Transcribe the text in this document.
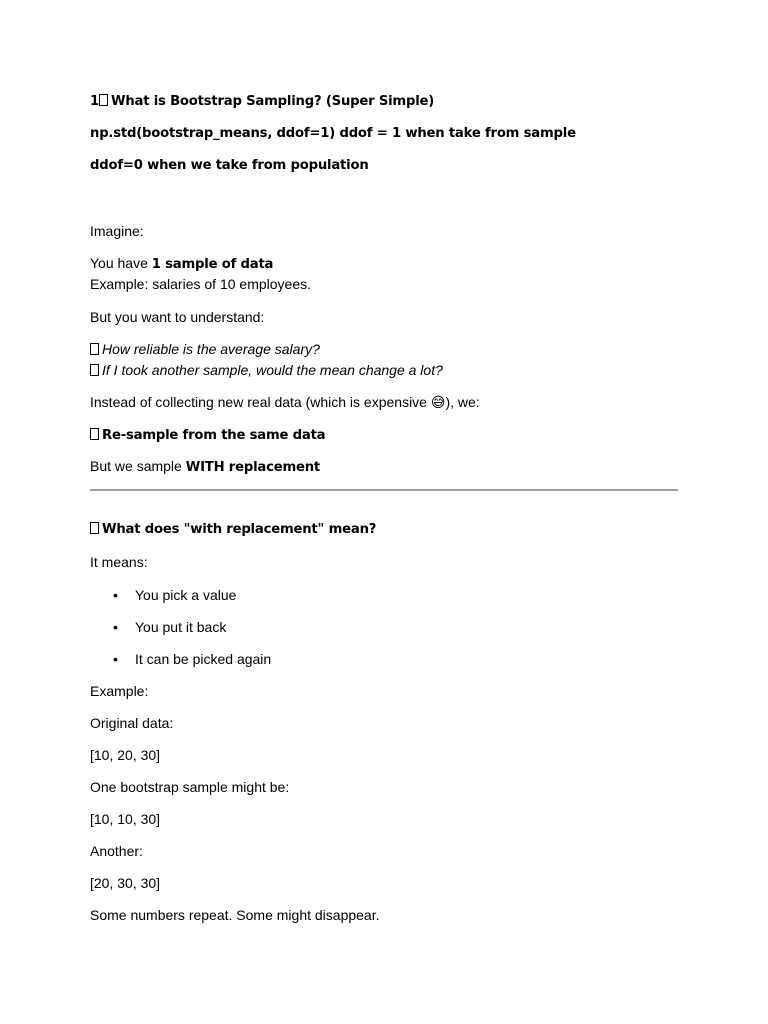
1 What is Bootstrap Sampling? (Super Simple)
np.std(bootstrap_means, ddof=1) ddof = 1 when take from sample
ddof=0 when we take from population
Imagine:
You have 1 sample of data
Example: salaries of 10 employees.
But you want to understand:
How reliable is the average salary?
If I took another sample, would the mean change a lot?
Instead of collecting new real data (which is expensive 😅), we:
Re-sample from the same data
But we sample WITH replacement
What does "with replacement" mean?
It means:
• You pick a value
• You put it back
• It can be picked again
Example:
Original data:
[10, 20, 30]
One bootstrap sample might be:
[10, 10, 30]
Another:
[20, 30, 30]
Some numbers repeat. Some might disappear.
